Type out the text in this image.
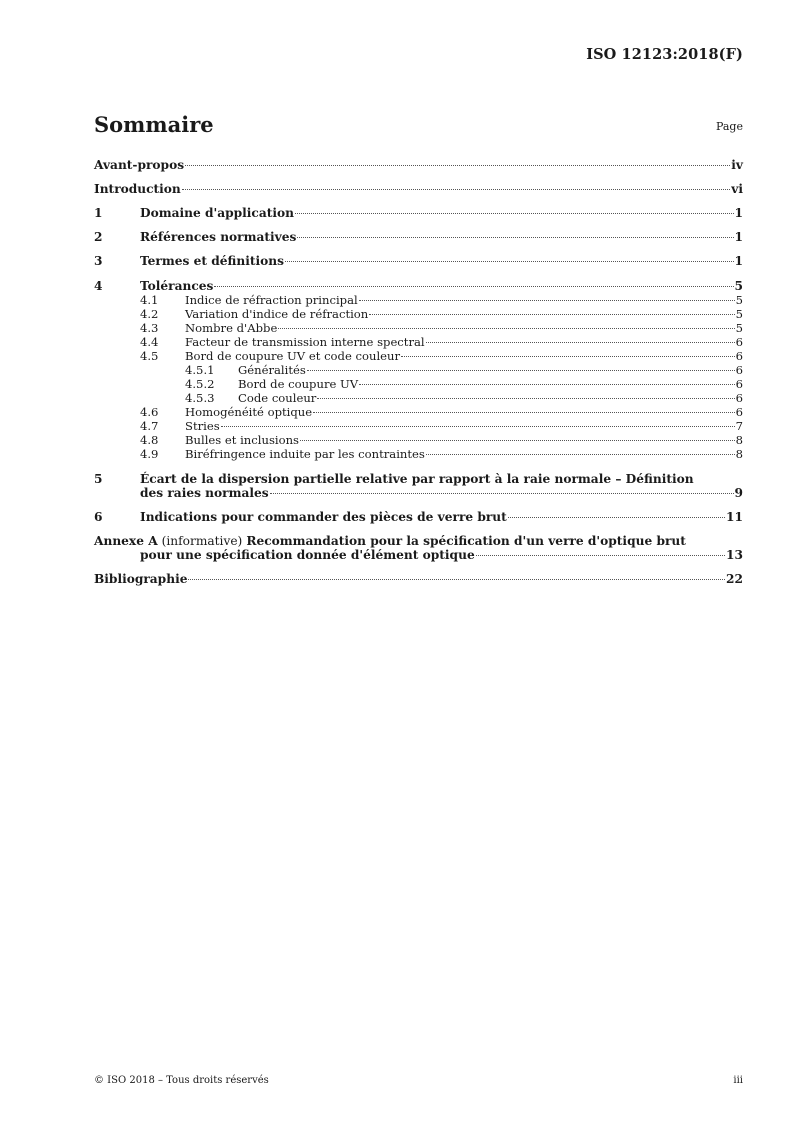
ISO 12123:2018(F)
Sommaire	Page
Avant-propos	iv
Introduction	vi
1	Domaine d'application	1
2	Références normatives	1
3	Termes et définitions	1
4	Tolérances	5
4.1	Indice de réfraction principal	5
4.2	Variation d'indice de réfraction	5
4.3	Nombre d'Abbe	5
4.4	Facteur de transmission interne spectral	6
4.5	Bord de coupure UV et code couleur	6
4.5.1	Généralités	6
4.5.2	Bord de coupure UV	6
4.5.3	Code couleur	6
4.6	Homogénéité optique	6
4.7	Stries	7
4.8	Bulles et inclusions	8
4.9	Biréfringence induite par les contraintes	8
5	Écart de la dispersion partielle relative par rapport à la raie normale – Définition
des raies normales	9
6	Indications pour commander des pièces de verre brut	11
Annexe A (informative) Recommandation pour la spécification d'un verre d'optique brut
pour une spécification donnée d'élément optique	13
Bibliographie	22
© ISO 2018 – Tous droits réservés	iii
